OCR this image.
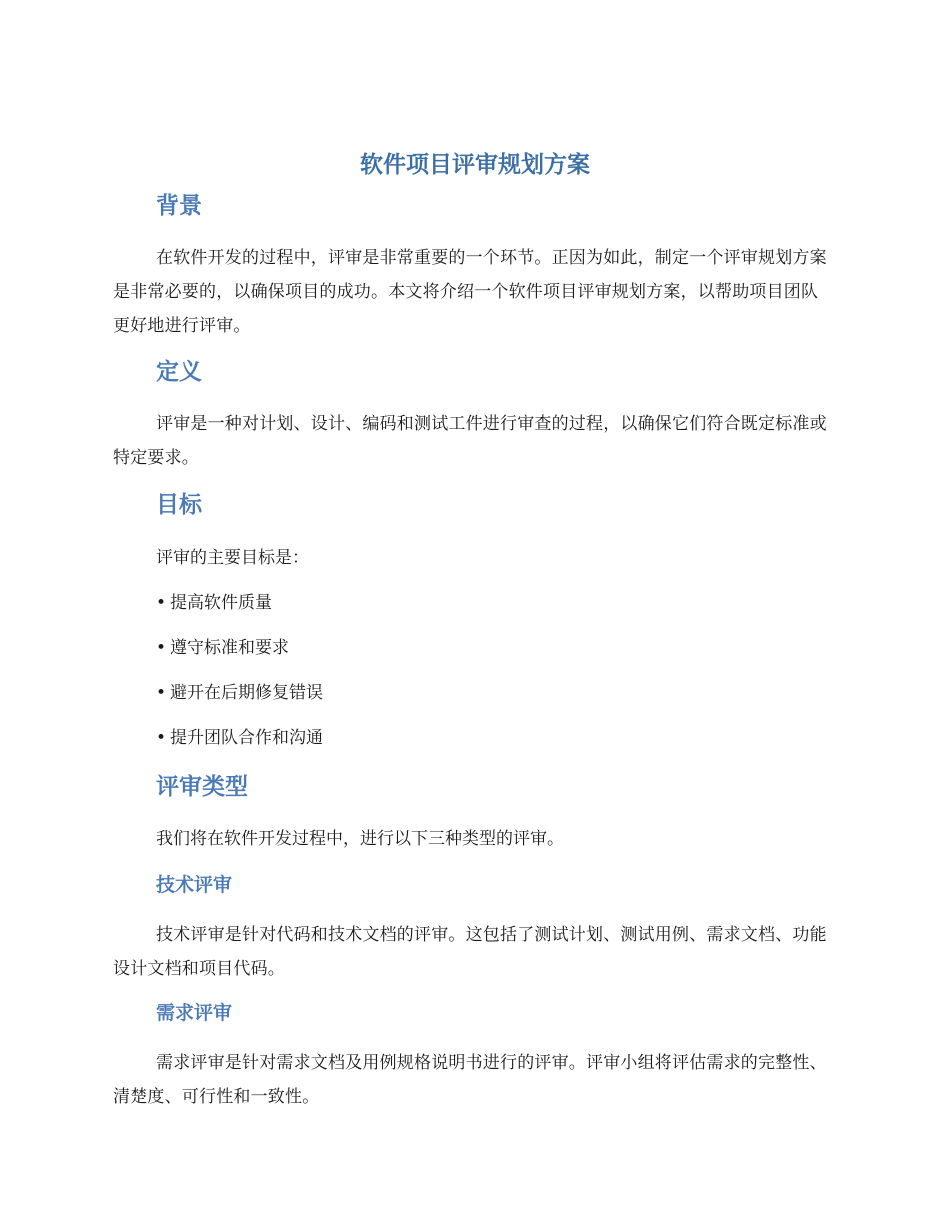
软件项目评审规划方案
背景

在软件开发的过程中，评审是非常重要的一个环节。正因为如此，制定一个评审规划方案是非常必要的，以确保项目的成功。本文将介绍一个软件项目评审规划方案，以帮助项目团队更好地进行评审。

定义

评审是一种对计划、设计、编码和测试工件进行审查的过程，以确保它们符合既定标准或特定要求。

目标

评审的主要目标是：

• 提高软件质量

• 遵守标准和要求

• 避开在后期修复错误

• 提升团队合作和沟通

评审类型

我们将在软件开发过程中，进行以下三种类型的评审。

技术评审

技术评审是针对代码和技术文档的评审。这包括了测试计划、测试用例、需求文档、功能设计文档和项目代码。

需求评审

需求评审是针对需求文档及用例规格说明书进行的评审。评审小组将评估需求的完整性、清楚度、可行性和一致性。
